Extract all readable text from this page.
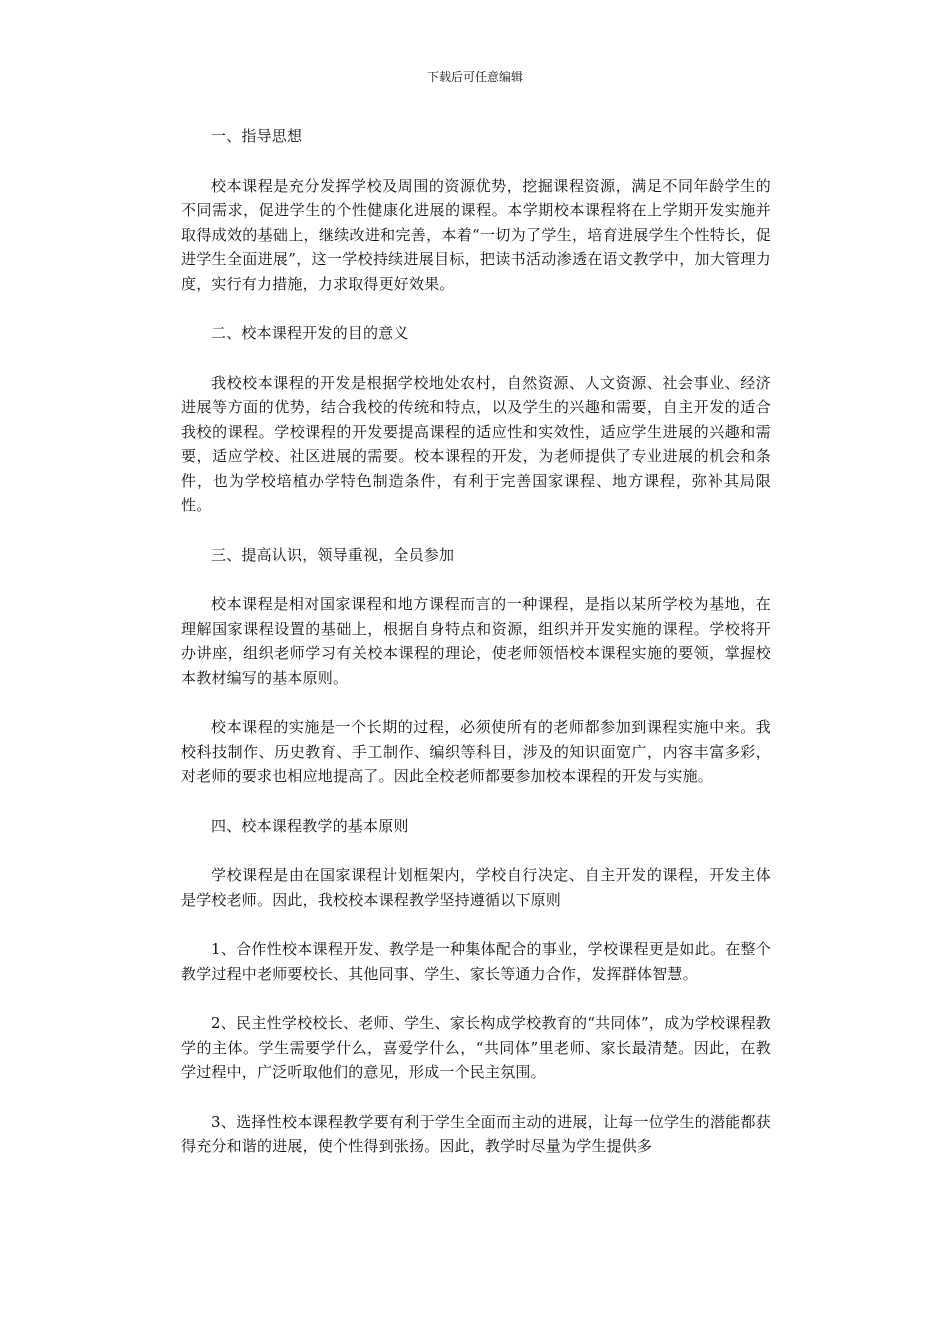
下载后可任意编辑
一、指导思想
校本课程是充分发挥学校及周围的资源优势，挖掘课程资源，满足不同年龄学生的不同需求，促进学生的个性健康化进展的课程。本学期校本课程将在上学期开发实施并取得成效的基础上，继续改进和完善，本着“一切为了学生，培育进展学生个性特长，促进学生全面进展”，这一学校持续进展目标，把读书活动渗透在语文教学中，加大管理力度，实行有力措施，力求取得更好效果。
二、校本课程开发的目的意义
我校校本课程的开发是根据学校地处农村，自然资源、人文资源、社会事业、经济进展等方面的优势，结合我校的传统和特点，以及学生的兴趣和需要，自主开发的适合我校的课程。学校课程的开发要提高课程的适应性和实效性，适应学生进展的兴趣和需要，适应学校、社区进展的需要。校本课程的开发，为老师提供了专业进展的机会和条件，也为学校培植办学特色制造条件，有利于完善国家课程、地方课程，弥补其局限性。
三、提高认识，领导重视，全员参加
校本课程是相对国家课程和地方课程而言的一种课程，是指以某所学校为基地，在理解国家课程设置的基础上，根据自身特点和资源，组织并开发实施的课程。学校将开办讲座，组织老师学习有关校本课程的理论，使老师领悟校本课程实施的要领，掌握校本教材编写的基本原则。
校本课程的实施是一个长期的过程，必须使所有的老师都参加到课程实施中来。我校科技制作、历史教育、手工制作、编织等科目，涉及的知识面宽广，内容丰富多彩，对老师的要求也相应地提高了。因此全校老师都要参加校本课程的开发与实施。
四、校本课程教学的基本原则
学校课程是由在国家课程计划框架内，学校自行决定、自主开发的课程，开发主体是学校老师。因此，我校校本课程教学坚持遵循以下原则
1、合作性校本课程开发、教学是一种集体配合的事业，学校课程更是如此。在整个教学过程中老师要校长、其他同事、学生、家长等通力合作，发挥群体智慧。
2、民主性学校校长、老师、学生、家长构成学校教育的“共同体”，成为学校课程教学的主体。学生需要学什么，喜爱学什么，“共同体”里老师、家长最清楚。因此，在教学过程中，广泛听取他们的意见，形成一个民主氛围。
3、选择性校本课程教学要有利于学生全面而主动的进展，让每一位学生的潜能都获得充分和谐的进展，使个性得到张扬。因此，教学时尽量为学生提供多
